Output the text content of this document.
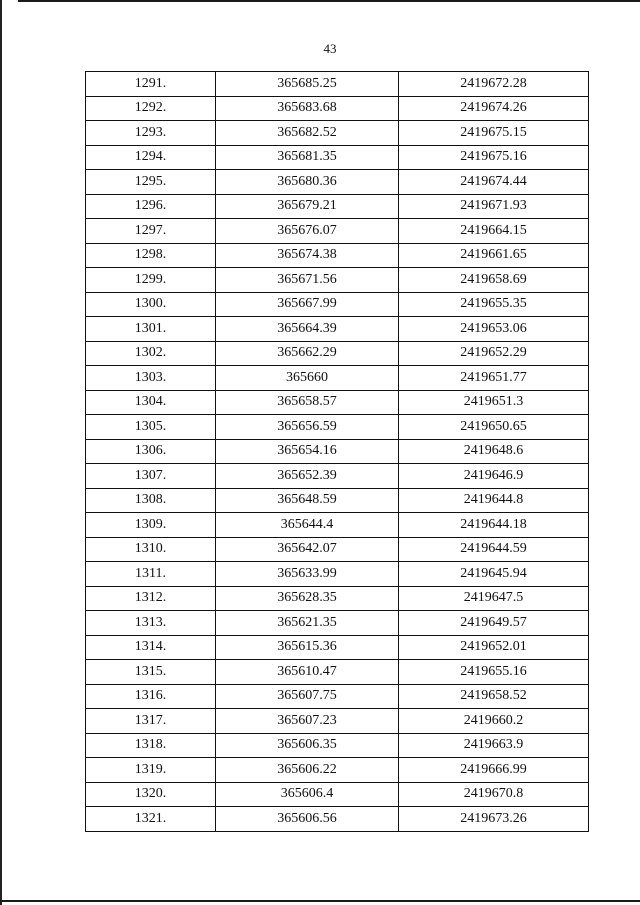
43
1291.	365685.25	2419672.28
1292.	365683.68	2419674.26
1293.	365682.52	2419675.15
1294.	365681.35	2419675.16
1295.	365680.36	2419674.44
1296.	365679.21	2419671.93
1297.	365676.07	2419664.15
1298.	365674.38	2419661.65
1299.	365671.56	2419658.69
1300.	365667.99	2419655.35
1301.	365664.39	2419653.06
1302.	365662.29	2419652.29
1303.	365660	2419651.77
1304.	365658.57	2419651.3
1305.	365656.59	2419650.65
1306.	365654.16	2419648.6
1307.	365652.39	2419646.9
1308.	365648.59	2419644.8
1309.	365644.4	2419644.18
1310.	365642.07	2419644.59
1311.	365633.99	2419645.94
1312.	365628.35	2419647.5
1313.	365621.35	2419649.57
1314.	365615.36	2419652.01
1315.	365610.47	2419655.16
1316.	365607.75	2419658.52
1317.	365607.23	2419660.2
1318.	365606.35	2419663.9
1319.	365606.22	2419666.99
1320.	365606.4	2419670.8
1321.	365606.56	2419673.26
